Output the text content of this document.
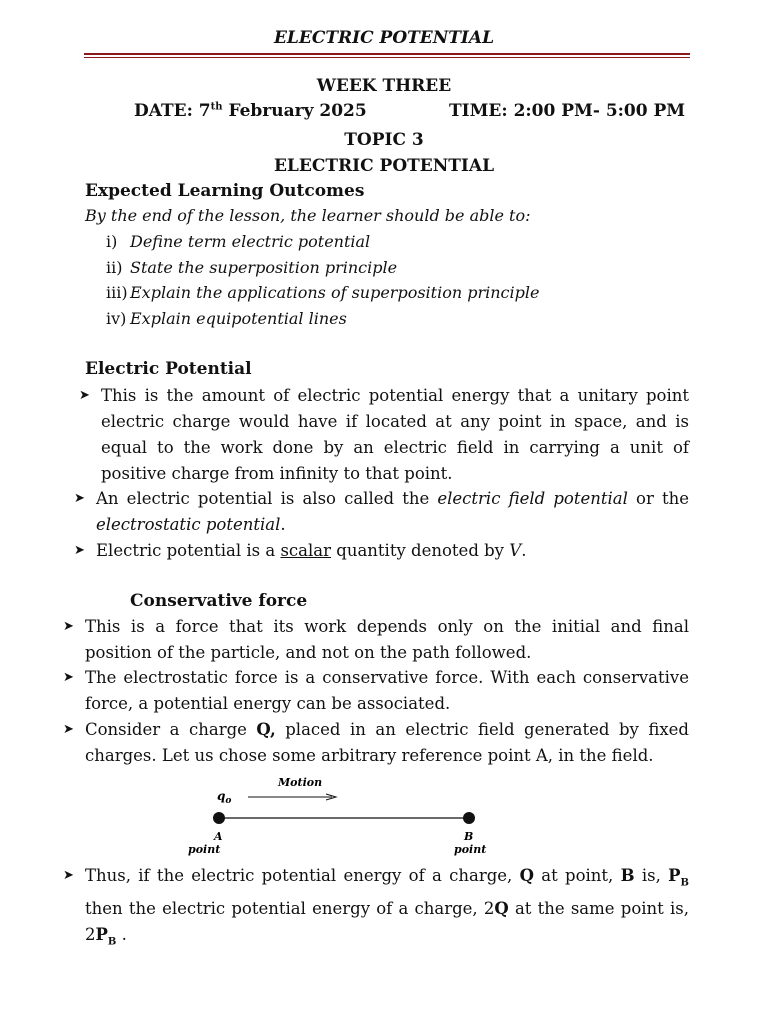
ELECTRIC POTENTIAL
WEEK THREE
DATE: 7th February 2025	TIME: 2:00 PM- 5:00 PM
TOPIC 3
ELECTRIC POTENTIAL
Expected Learning Outcomes
By the end of the lesson, the learner should be able to:
i) Define term electric potential
ii) State the superposition principle
iii) Explain the applications of superposition principle
iv) Explain equipotential lines
Electric Potential
➤ This is the amount of electric potential energy that a unitary point electric charge would have if located at any point in space, and is equal to the work done by an electric field in carrying a unit of positive charge from infinity to that point.
➤ An electric potential is also called the electric field potential or the electrostatic potential.
➤ Electric potential is a scalar quantity denoted by V.
Conservative force
➤ This is a force that its work depends only on the initial and final position of the particle, and not on the path followed.
➤ The electrostatic force is a conservative force. With each conservative force, a potential energy can be associated.
➤ Consider a charge Q, placed in an electric field generated by fixed charges. Let us chose some arbitrary reference point A, in the field.
$q_o$
Motion
A
point
B
point
➤ Thus, if the electric potential energy of a charge, Q at point, B is, $P_B$ then the electric potential energy of a charge, 2Q at the same point is, $2P_B$ .
